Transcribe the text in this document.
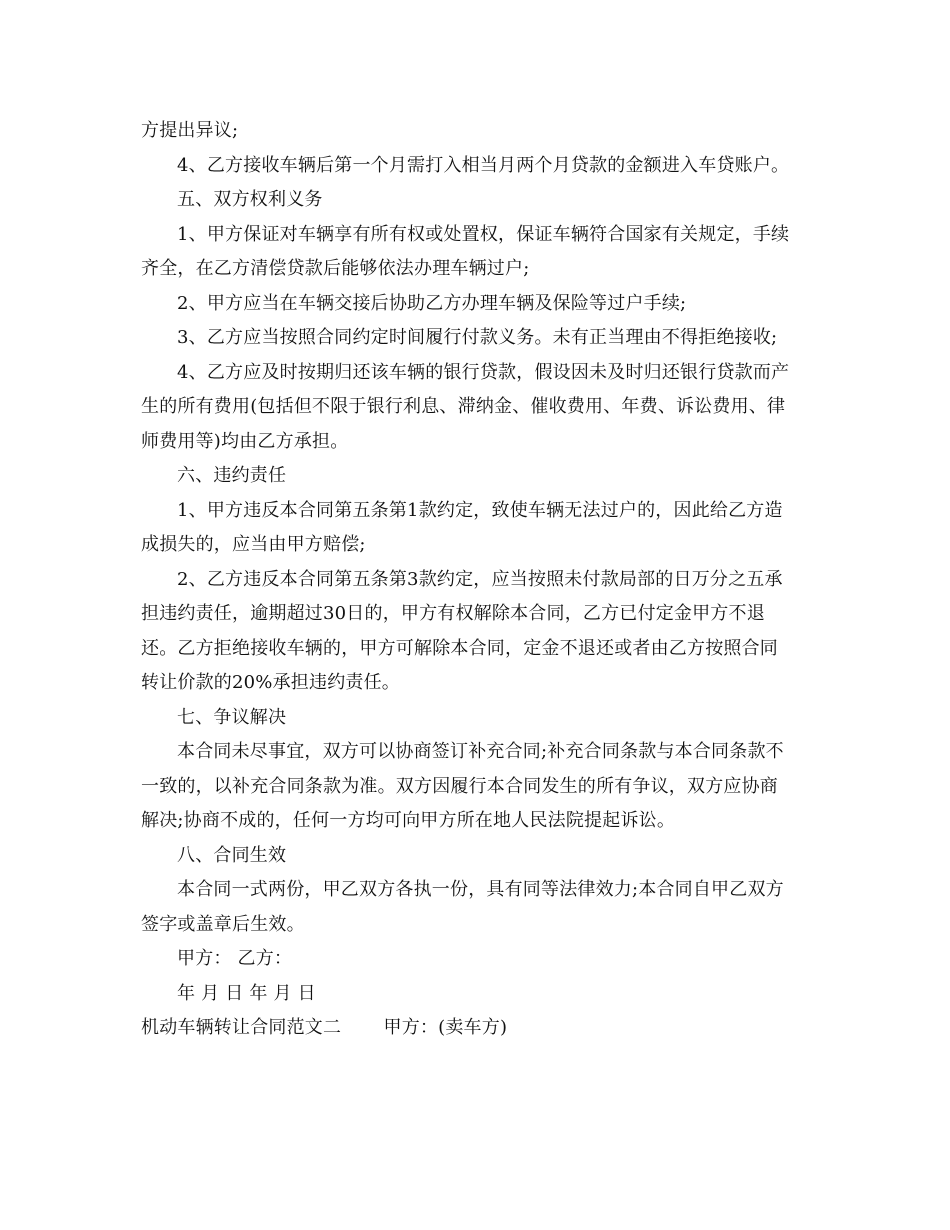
方提出异议;
4、乙方接收车辆后第一个月需打入相当月两个月贷款的金额进入车贷账户。
五、双方权利义务
1、甲方保证对车辆享有所有权或处置权，保证车辆符合国家有关规定，手续
齐全，在乙方清偿贷款后能够依法办理车辆过户;
2、甲方应当在车辆交接后协助乙方办理车辆及保险等过户手续;
3、乙方应当按照合同约定时间履行付款义务。未有正当理由不得拒绝接收;
4、乙方应及时按期归还该车辆的银行贷款，假设因未及时归还银行贷款而产
生的所有费用(包括但不限于银行利息、滞纳金、催收费用、年费、诉讼费用、律
师费用等)均由乙方承担。
六、违约责任
1、甲方违反本合同第五条第1款约定，致使车辆无法过户的，因此给乙方造
成损失的，应当由甲方赔偿;
2、乙方违反本合同第五条第3款约定，应当按照未付款局部的日万分之五承
担违约责任，逾期超过30日的，甲方有权解除本合同，乙方已付定金甲方不退
还。乙方拒绝接收车辆的，甲方可解除本合同，定金不退还或者由乙方按照合同
转让价款的20%承担违约责任。
七、争议解决
本合同未尽事宜，双方可以协商签订补充合同;补充合同条款与本合同条款不
一致的，以补充合同条款为准。双方因履行本合同发生的所有争议，双方应协商
解决;协商不成的，任何一方均可向甲方所在地人民法院提起诉讼。
八、合同生效
本合同一式两份，甲乙双方各执一份，具有同等法律效力;本合同自甲乙双方
签字或盖章后生效。
甲方： 乙方：
年 月 日 年 月 日
机动车辆转让合同范文二　　 甲方：(卖车方)
